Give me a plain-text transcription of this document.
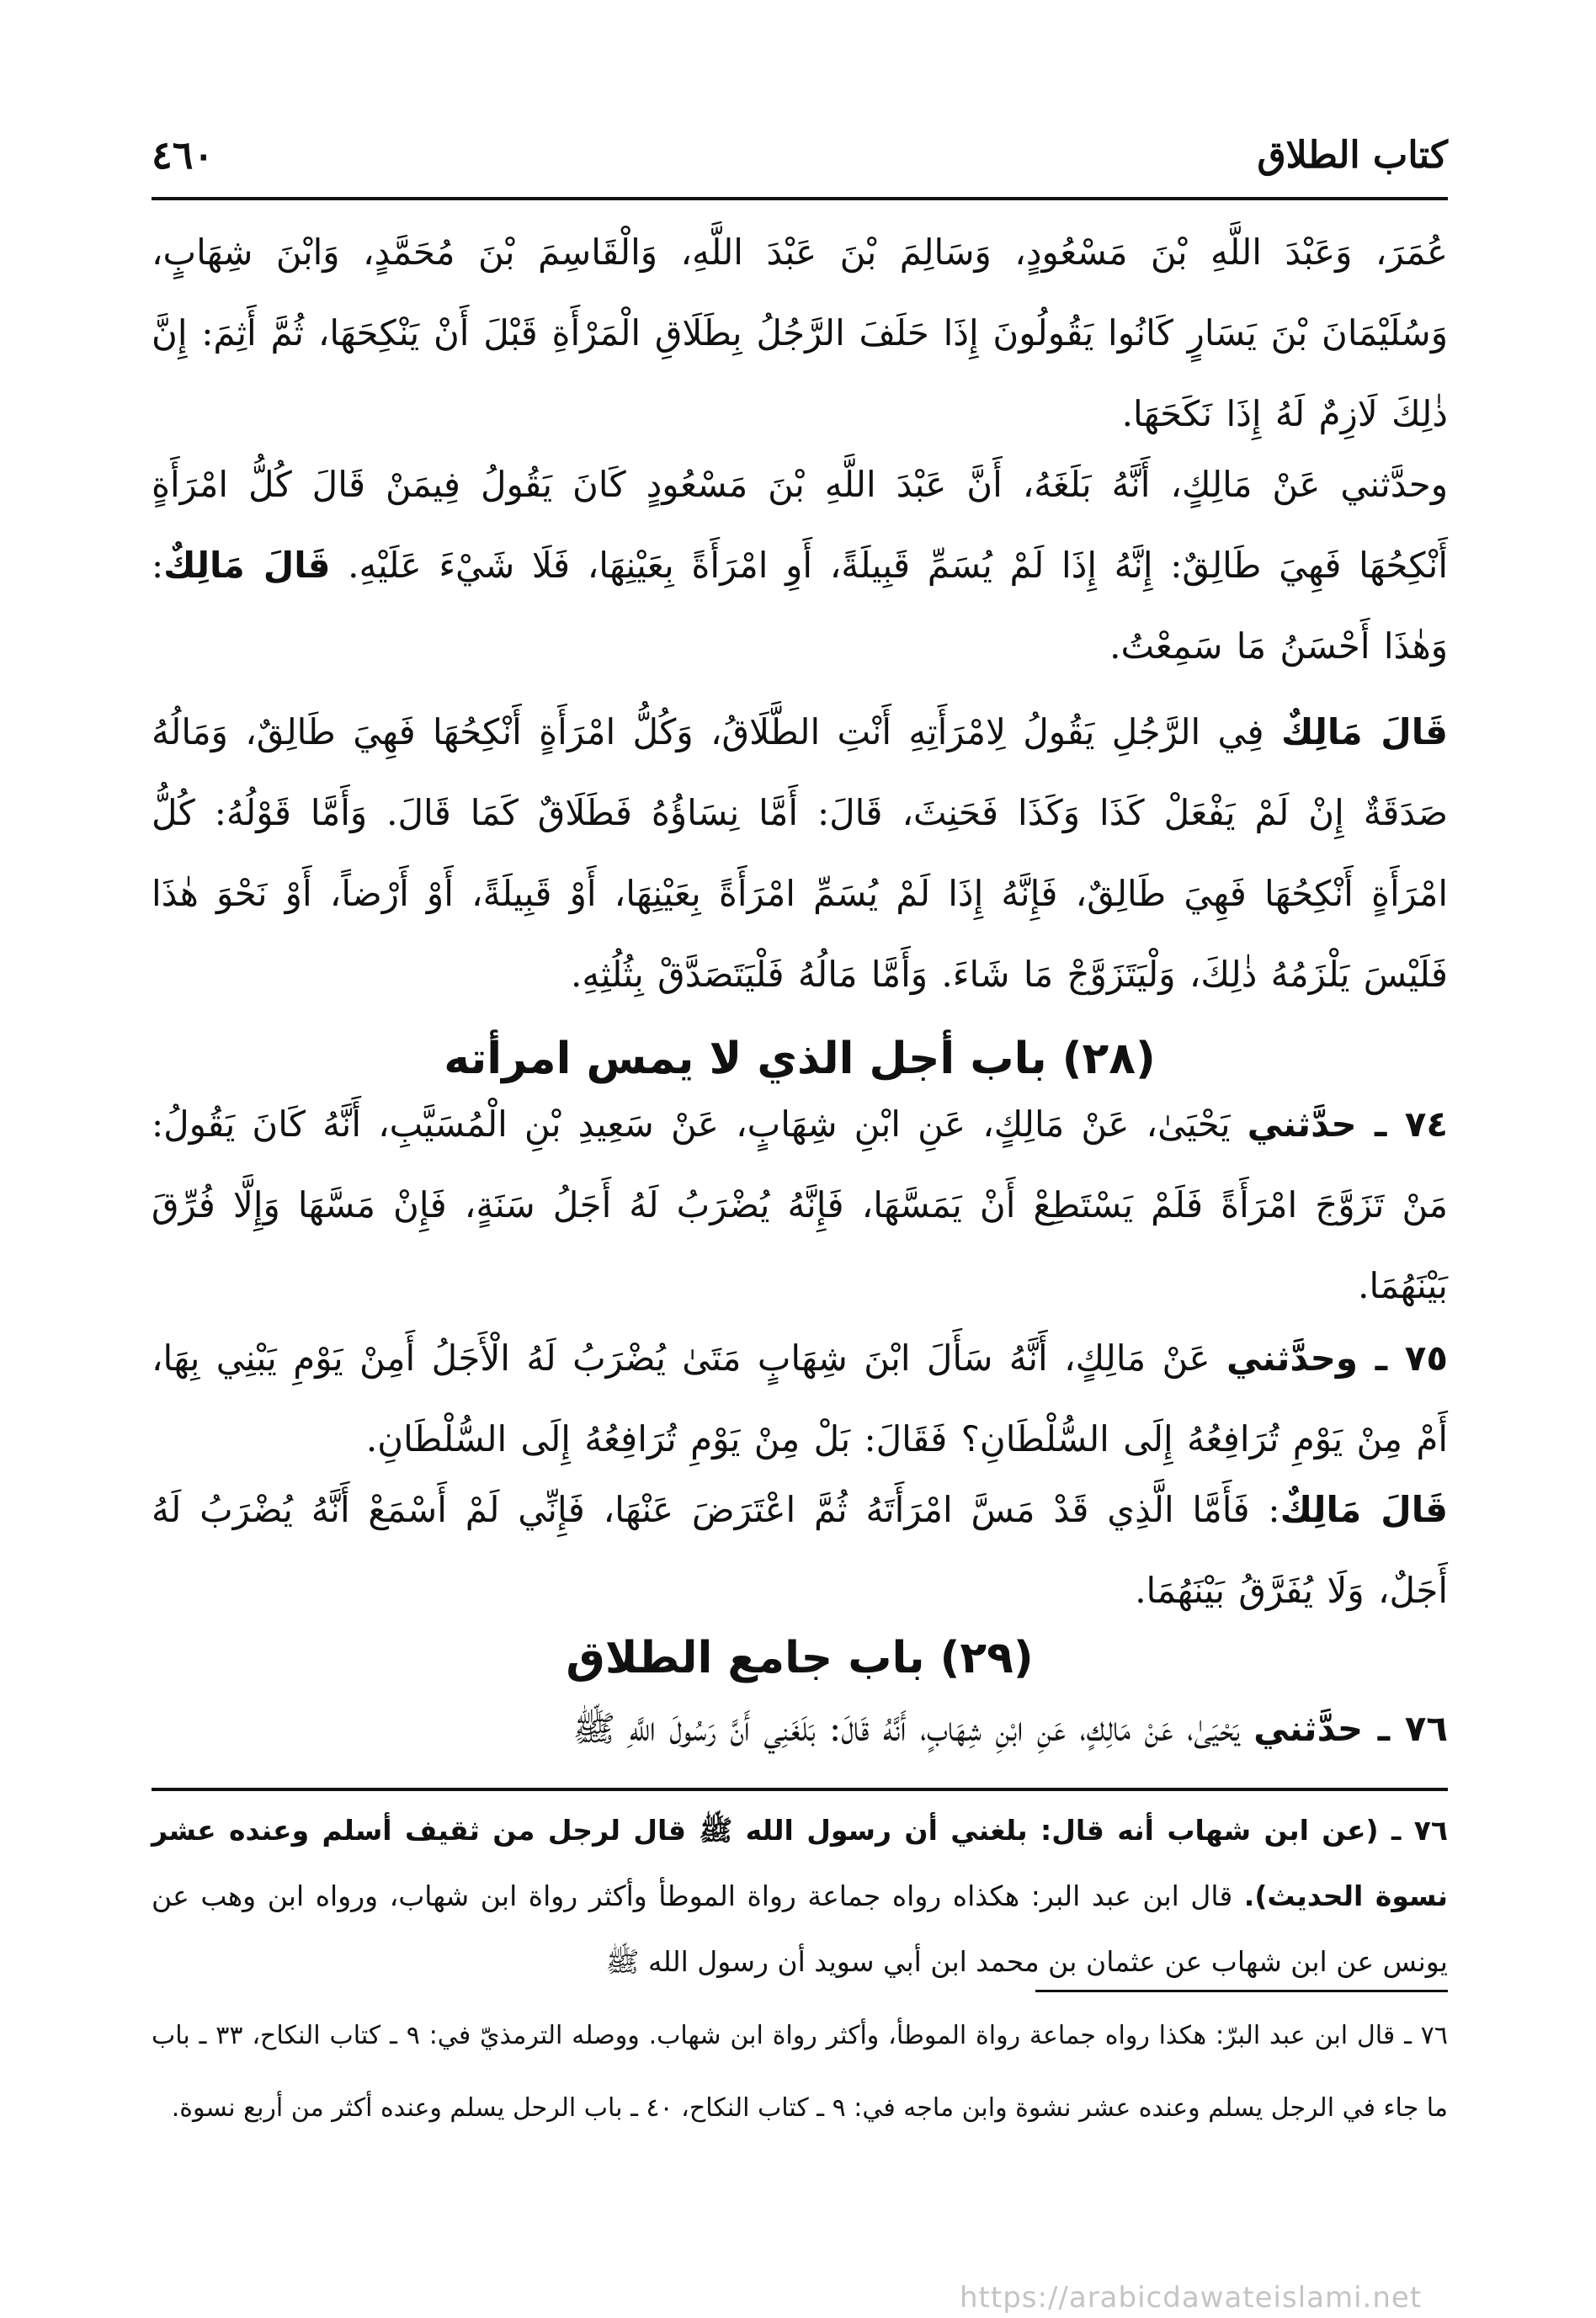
كتاب الطلاق
٤٦٠
عُمَرَ، وَعَبْدَ اللَّهِ بْنَ مَسْعُودٍ، وَسَالِمَ بْنَ عَبْدَ اللَّهِ، وَالْقَاسِمَ بْنَ مُحَمَّدٍ، وَابْنَ شِهَابٍ، وَسُلَيْمَانَ بْنَ يَسَارٍ كَانُوا يَقُولُونَ إِذَا حَلَفَ الرَّجُلُ بِطَلَاقِ الْمَرْأَةِ قَبْلَ أَنْ يَنْكِحَهَا، ثُمَّ أَثِمَ: إِنَّ ذٰلِكَ لَازِمٌ لَهُ إِذَا نَكَحَهَا.
وحدَّثني عَنْ مَالِكٍ، أَنَّهُ بَلَغَهُ، أَنَّ عَبْدَ اللَّهِ بْنَ مَسْعُودٍ كَانَ يَقُولُ فِيمَنْ قَالَ كُلُّ امْرَأَةٍ أَنْكِحُهَا فَهِيَ طَالِقٌ: إِنَّهُ إِذَا لَمْ يُسَمِّ قَبِيلَةً، أَوِ امْرَأَةً بِعَيْنِهَا، فَلَا شَيْءَ عَلَيْهِ. قَالَ مَالِكٌ: وَهٰذَا أَحْسَنُ مَا سَمِعْتُ.
قَالَ مَالِكٌ فِي الرَّجُلِ يَقُولُ لِامْرَأَتِهِ أَنْتِ الطَّلَاقُ، وَكُلُّ امْرَأَةٍ أَنْكِحُهَا فَهِيَ طَالِقٌ، وَمَالُهُ صَدَقَةٌ إِنْ لَمْ يَفْعَلْ كَذَا وَكَذَا فَحَنِثَ، قَالَ: أَمَّا نِسَاؤُهُ فَطَلَاقٌ كَمَا قَالَ. وَأَمَّا قَوْلُهُ: كُلُّ امْرَأَةٍ أَنْكِحُهَا فَهِيَ طَالِقٌ، فَإِنَّهُ إِذَا لَمْ يُسَمِّ امْرَأَةً بِعَيْنِهَا، أَوْ قَبِيلَةً، أَوْ أَرْضاً، أَوْ نَحْوَ هٰذَا فَلَيْسَ يَلْزَمُهُ ذٰلِكَ، وَلْيَتَزَوَّجْ مَا شَاءَ. وَأَمَّا مَالُهُ فَلْيَتَصَدَّقْ بِثُلُثِهِ.
(٢٨) باب أجل الذي لا يمس امرأته
٧٤ ـ حدَّثني يَحْيَىٰ، عَنْ مَالِكٍ، عَنِ ابْنِ شِهَابٍ، عَنْ سَعِيدِ بْنِ الْمُسَيَّبِ، أَنَّهُ كَانَ يَقُولُ: مَنْ تَزَوَّجَ امْرَأَةً فَلَمْ يَسْتَطِعْ أَنْ يَمَسَّهَا، فَإِنَّهُ يُضْرَبُ لَهُ أَجَلُ سَنَةٍ، فَإِنْ مَسَّهَا وَإِلَّا فُرِّقَ بَيْنَهُمَا.
٧٥ ـ وحدَّثني عَنْ مَالِكٍ، أَنَّهُ سَأَلَ ابْنَ شِهَابٍ مَتَىٰ يُضْرَبُ لَهُ الْأَجَلُ أَمِنْ يَوْمِ يَبْنِي بِهَا، أَمْ مِنْ يَوْمِ تُرَافِعُهُ إِلَى السُّلْطَانِ؟ فَقَالَ: بَلْ مِنْ يَوْمِ تُرَافِعُهُ إِلَى السُّلْطَانِ.
قَالَ مَالِكٌ: فَأَمَّا الَّذِي قَدْ مَسَّ امْرَأَتَهُ ثُمَّ اعْتَرَضَ عَنْهَا، فَإِنِّي لَمْ أَسْمَعْ أَنَّهُ يُضْرَبُ لَهُ أَجَلٌ، وَلَا يُفَرَّقُ بَيْنَهُمَا.
(٢٩) باب جامع الطلاق
٧٦ ـ حدَّثني يَحْيَىٰ، عَنْ مَالِكٍ، عَنِ ابْنِ شِهَابٍ، أَنَّهُ قَالَ: بَلَغَنِي أَنَّ رَسُولَ اللَّهِ ﷺ
٧٦ ـ (عن ابن شهاب أنه قال: بلغني أن رسول الله ﷺ قال لرجل من ثقيف أسلم وعنده عشر نسوة الحديث). قال ابن عبد البر: هكذاه رواه جماعة رواة الموطأ وأكثر رواة ابن شهاب، ورواه ابن وهب عن يونس عن ابن شهاب عن عثمان بن محمد ابن أبي سويد أن رسول الله ﷺ
٧٦ ـ قال ابن عبد البرّ: هكذا رواه جماعة رواة الموطأ، وأكثر رواة ابن شهاب. ووصله الترمذيّ في: ٩ ـ كتاب النكاح، ٣٣ ـ باب ما جاء في الرجل يسلم وعنده عشر نشوة وابن ماجه في: ٩ ـ كتاب النكاح، ٤٠ ـ باب الرحل يسلم وعنده أكثر من أربع نسوة.
https://arabicdawateislami.net
